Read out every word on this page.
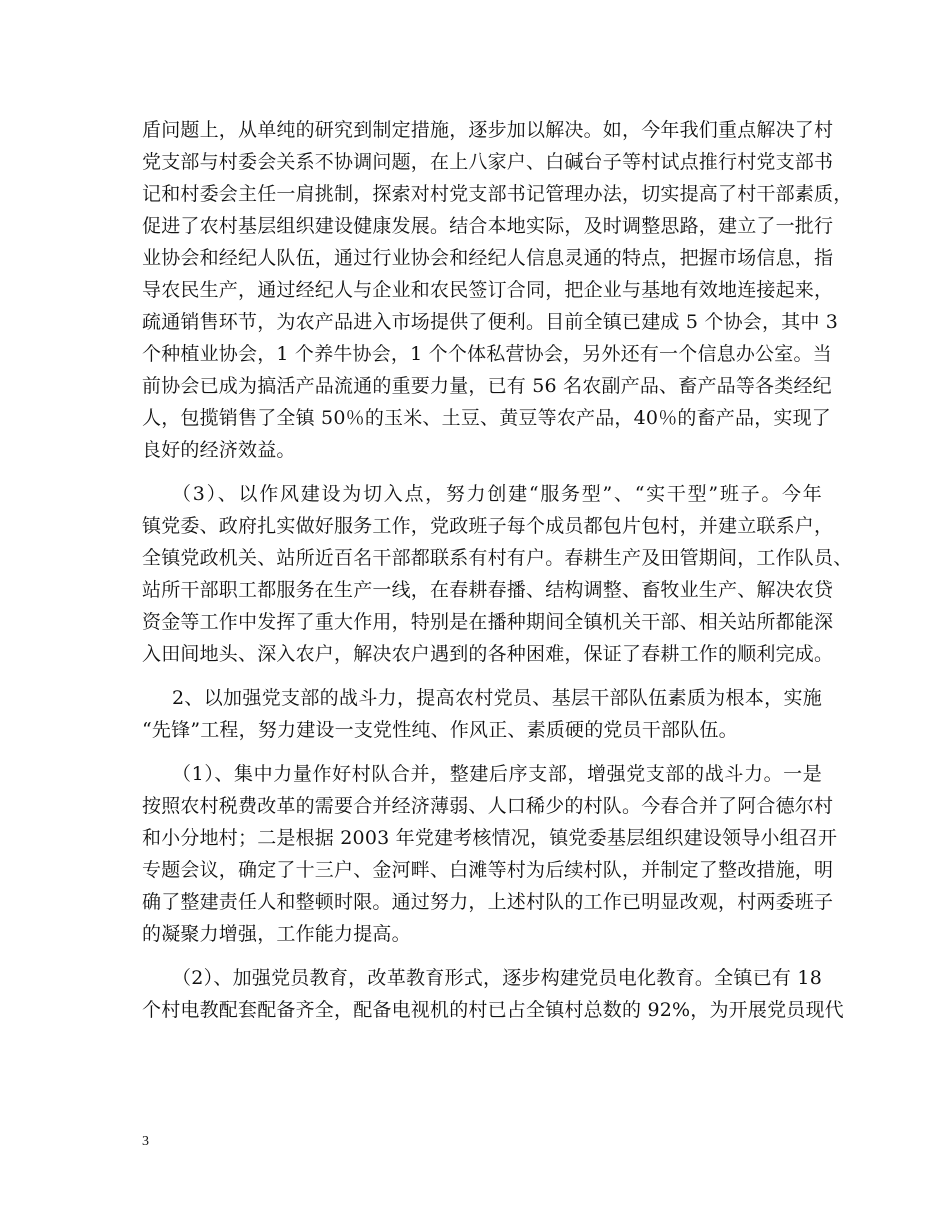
盾问题上，从单纯的研究到制定措施，逐步加以解决。如，今年我们重点解决了村
党支部与村委会关系不协调问题，在上八家户、白碱台子等村试点推行村党支部书
记和村委会主任一肩挑制，探索对村党支部书记管理办法，切实提高了村干部素质，
促进了农村基层组织建设健康发展。结合本地实际，及时调整思路，建立了一批行
业协会和经纪人队伍，通过行业协会和经纪人信息灵通的特点，把握市场信息，指
导农民生产，通过经纪人与企业和农民签订合同，把企业与基地有效地连接起来，
疏通销售环节，为农产品进入市场提供了便利。目前全镇已建成 5 个协会，其中 3
个种植业协会，1 个养牛协会，1 个个体私营协会，另外还有一个信息办公室。当
前协会已成为搞活产品流通的重要力量，已有 56 名农副产品、畜产品等各类经纪
人，包揽销售了全镇 50％的玉米、土豆、黄豆等农产品，40％的畜产品，实现了
良好的经济效益。
（3）、以作风建设为切入点，努力创建“服务型”、“实干型”班子。今年
镇党委、政府扎实做好服务工作，党政班子每个成员都包片包村，并建立联系户，
全镇党政机关、站所近百名干部都联系有村有户。春耕生产及田管期间，工作队员、
站所干部职工都服务在生产一线，在春耕春播、结构调整、畜牧业生产、解决农贷
资金等工作中发挥了重大作用，特别是在播种期间全镇机关干部、相关站所都能深
入田间地头、深入农户，解决农户遇到的各种困难，保证了春耕工作的顺利完成。
2、以加强党支部的战斗力，提高农村党员、基层干部队伍素质为根本，实施
“先锋”工程，努力建设一支党性纯、作风正、素质硬的党员干部队伍。
（1）、集中力量作好村队合并，整建后序支部，增强党支部的战斗力。一是
按照农村税费改革的需要合并经济薄弱、人口稀少的村队。今春合并了阿合德尔村
和小分地村；二是根据 2003 年党建考核情况，镇党委基层组织建设领导小组召开
专题会议，确定了十三户、金河畔、白滩等村为后续村队，并制定了整改措施，明
确了整建责任人和整顿时限。通过努力，上述村队的工作已明显改观，村两委班子
的凝聚力增强，工作能力提高。
（2）、加强党员教育，改革教育形式，逐步构建党员电化教育。全镇已有 18
个村电教配套配备齐全，配备电视机的村已占全镇村总数的 92%，为开展党员现代
3
